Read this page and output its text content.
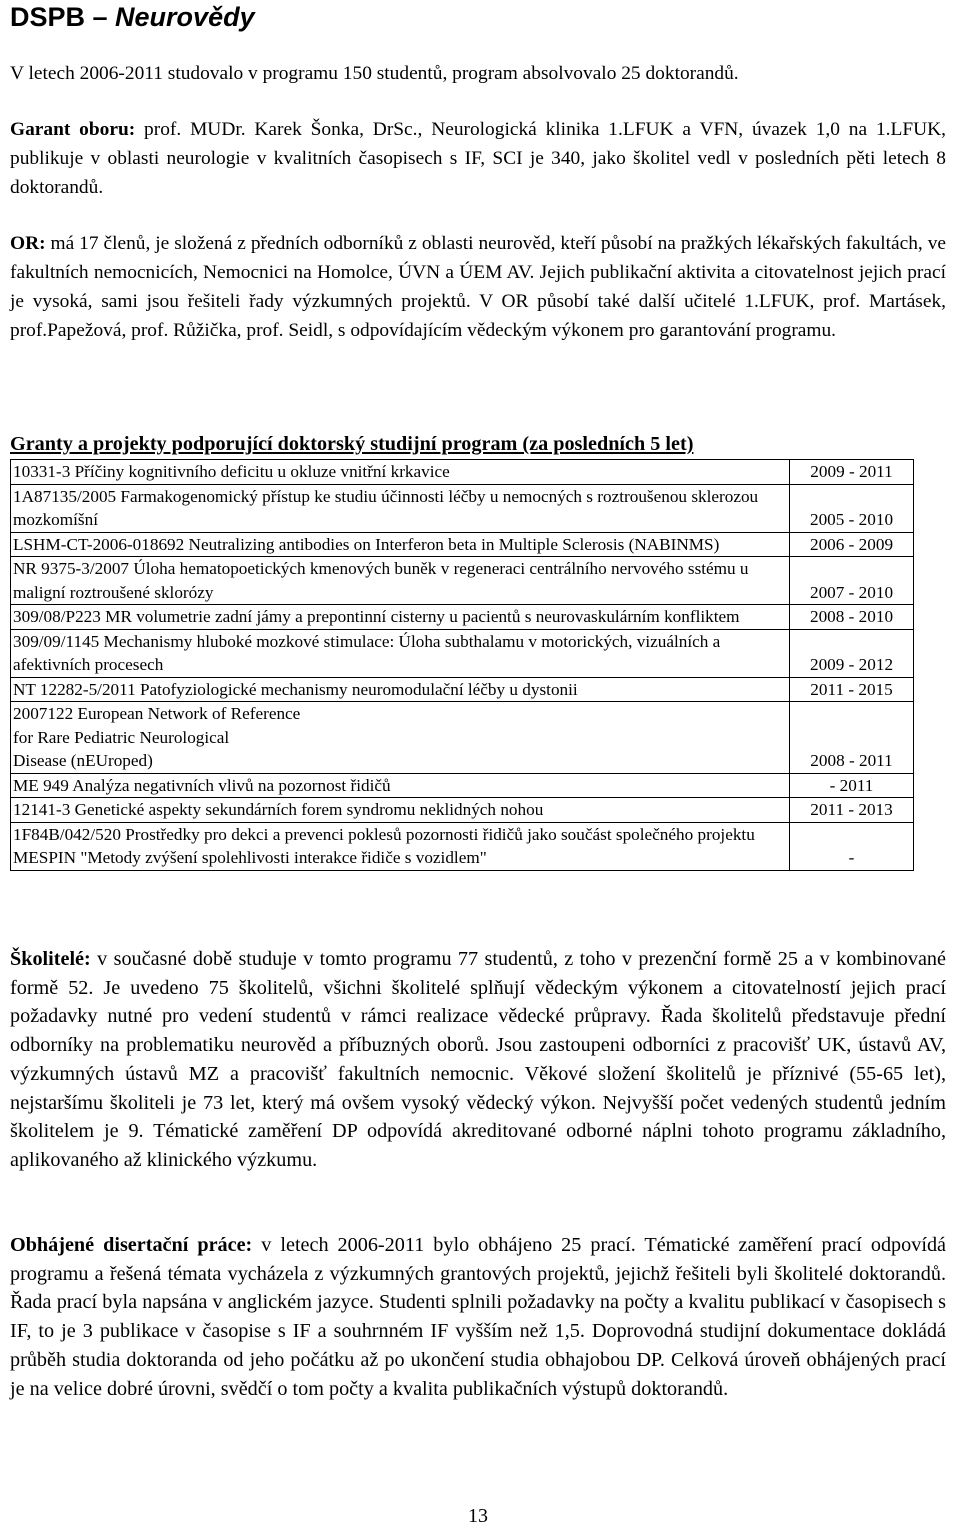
DSPB – Neurovědy

V letech 2006-2011 studovalo v programu 150 studentů, program absolvovalo 25 doktorandů.

Garant oboru: prof. MUDr. Karek Šonka, DrSc., Neurologická klinika 1.LFUK a VFN, úvazek 1,0 na 1.LFUK, publikuje v oblasti neurologie v kvalitních časopisech s IF, SCI je 340, jako školitel vedl v posledních pěti letech 8 doktorandů.

OR: má 17 členů, je složená z předních odborníků z oblasti neurověd, kteří působí na pražkých lékařských fakultách, ve fakultních nemocnicích, Nemocnici na Homolce, ÚVN a ÚEM AV. Jejich publikační aktivita a citovatelnost jejich prací je vysoká, sami jsou řešiteli řady výzkumných projektů. V OR působí také další učitelé 1.LFUK, prof. Martásek, prof.Papežová, prof. Růžička, prof. Seidl, s odpovídajícím vědeckým výkonem pro garantování programu.

Granty a projekty podporující doktorský studijní program (za posledních 5 let)
10331-3 Příčiny kognitivního deficitu u okluze vnitřní krkavice	2009 - 2011
1A87135/2005 Farmakogenomický přístup ke studiu účinnosti léčby u nemocných s roztroušenou sklerozou mozkomíšní	2005 - 2010
LSHM-CT-2006-018692 Neutralizing antibodies on Interferon beta in Multiple Sclerosis (NABINMS)	2006 - 2009
NR 9375-3/2007 Úloha hematopoetických kmenových buněk v regeneraci centrálního nervového sstému u maligní roztroušené sklorózy	2007 - 2010
309/08/P223 MR volumetrie zadní jámy a prepontinní cisterny u pacientů s neurovaskulárním konfliktem	2008 - 2010
309/09/1145 Mechanismy hluboké mozkové stimulace: Úloha subthalamu v motorických, vizuálních a afektivních procesech	2009 - 2012
NT 12282-5/2011 Patofyziologické mechanismy neuromodulační léčby u dystonii	2011 - 2015
2007122 European Network of Reference
for Rare Pediatric Neurological
Disease (nEUroped)	2008 - 2011
ME 949 Analýza negativních vlivů na pozornost řidičů	- 2011
12141-3 Genetické aspekty sekundárních forem syndromu neklidných nohou	2011 - 2013
1F84B/042/520 Prostředky pro dekci a prevenci poklesů pozornosti řidičů jako součást společného projektu MESPIN "Metody zvýšení spolehlivosti interakce řidiče s vozidlem"	-

Školitelé: v současné době studuje v tomto programu 77 studentů, z toho v prezenční formě 25 a v kombinované formě 52. Je uvedeno 75 školitelů, všichni školitelé splňují vědeckým výkonem a citovatelností jejich prací požadavky nutné pro vedení studentů v rámci realizace vědecké průpravy. Řada školitelů představuje přední odborníky na problematiku neurověd a příbuzných oborů. Jsou zastoupeni odborníci z pracovišť UK, ústavů AV, výzkumných ústavů MZ a pracovišť fakultních nemocnic. Věkové složení školitelů je příznivé (55-65 let), nejstaršímu školiteli je 73 let, který má ovšem vysoký vědecký výkon. Nejvyšší počet vedených studentů jedním školitelem je 9. Tématické zaměření DP odpovídá akreditované odborné náplni tohoto programu základního, aplikovaného až klinického výzkumu.

Obhájené disertační práce: v letech 2006-2011 bylo obhájeno 25 prací. Tématické zaměření prací odpovídá programu a řešená témata vycházela z výzkumných grantových projektů, jejichž řešiteli byli školitelé doktorandů. Řada prací byla napsána v anglickém jazyce. Studenti splnili požadavky na počty a kvalitu publikací v časopisech s IF, to je 3 publikace v časopise s IF a souhrnném IF vyšším než 1,5. Doprovodná studijní dokumentace dokládá průběh studia doktoranda od jeho počátku až po ukončení studia obhajobou DP. Celková úroveň obhájených prací je na velice dobré úrovni, svědčí o tom počty a kvalita publikačních výstupů doktorandů.

13
